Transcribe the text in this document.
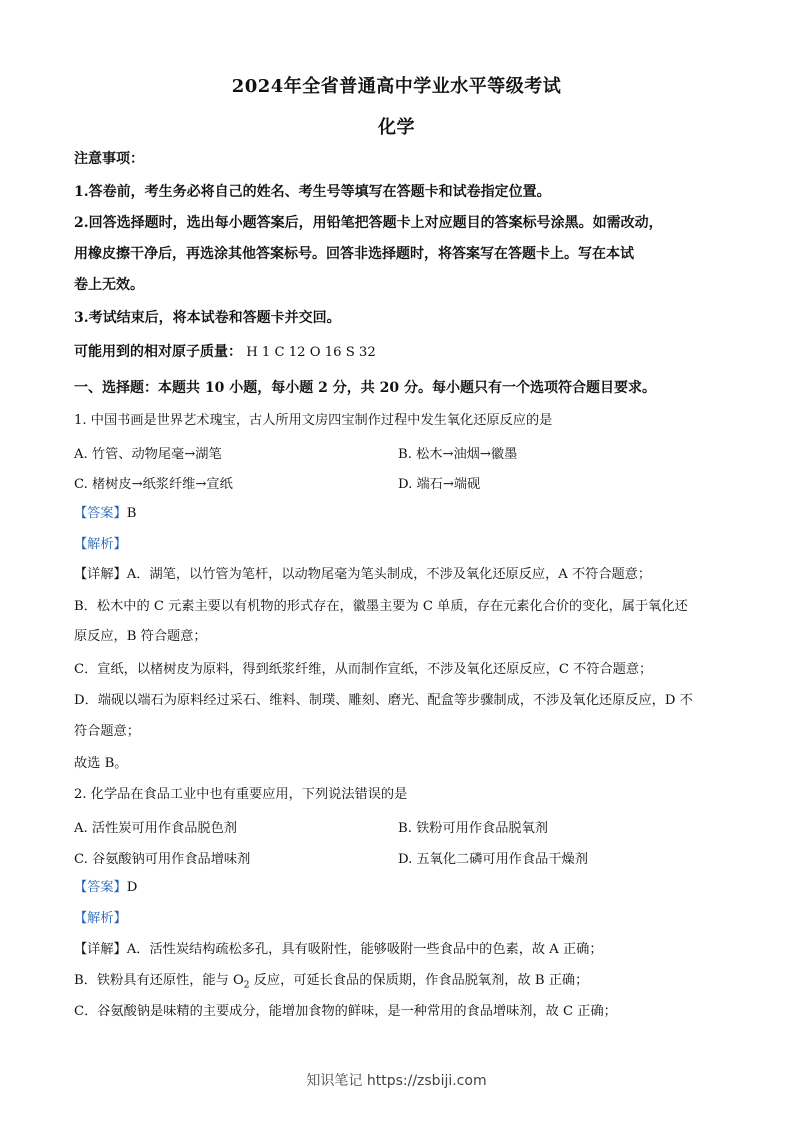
2024年全省普通高中学业水平等级考试
化学
注意事项：
1.答卷前，考生务必将自己的姓名、考生号等填写在答题卡和试卷指定位置。
2.回答选择题时，选出每小题答案后，用铅笔把答题卡上对应题目的答案标号涂黑。如需改动，
用橡皮擦干净后，再选涂其他答案标号。回答非选择题时，将答案写在答题卡上。写在本试
卷上无效。
3.考试结束后，将本试卷和答题卡并交回。
可能用到的相对原子质量： H 1 C 12 O 16 S 32
一、选择题：本题共 10 小题，每小题 2 分，共 20 分。每小题只有一个选项符合题目要求。
1. 中国书画是世界艺术瑰宝，古人所用文房四宝制作过程中发生氧化还原反应的是
A. 竹管、动物尾毫→湖笔	B. 松木→油烟→徽墨
C. 楮树皮→纸浆纤维→宣纸	D. 端石→端砚
【答案】B
【解析】
【详解】A．湖笔，以竹管为笔杆，以动物尾毫为笔头制成，不涉及氧化还原反应，A 不符合题意；
B．松木中的 C 元素主要以有机物的形式存在，徽墨主要为 C 单质，存在元素化合价的变化，属于氧化还
原反应，B 符合题意；
C．宣纸，以楮树皮为原料，得到纸浆纤维，从而制作宣纸，不涉及氧化还原反应，C 不符合题意；
D．端砚以端石为原料经过采石、维料、制璞、雕刻、磨光、配盒等步骤制成，不涉及氧化还原反应，D 不
符合题意；
故选 B。
2. 化学品在食品工业中也有重要应用，下列说法错误的是
A. 活性炭可用作食品脱色剂	B. 铁粉可用作食品脱氧剂
C. 谷氨酸钠可用作食品增味剂	D. 五氧化二磷可用作食品干燥剂
【答案】D
【解析】
【详解】A．活性炭结构疏松多孔，具有吸附性，能够吸附一些食品中的色素，故 A 正确；
B．铁粉具有还原性，能与 $O_2$ 反应，可延长食品的保质期，作食品脱氧剂，故 B 正确；
C．谷氨酸钠是味精的主要成分，能增加食物的鲜味，是一种常用的食品增味剂，故 C 正确；
知识笔记 https://zsbiji.com
